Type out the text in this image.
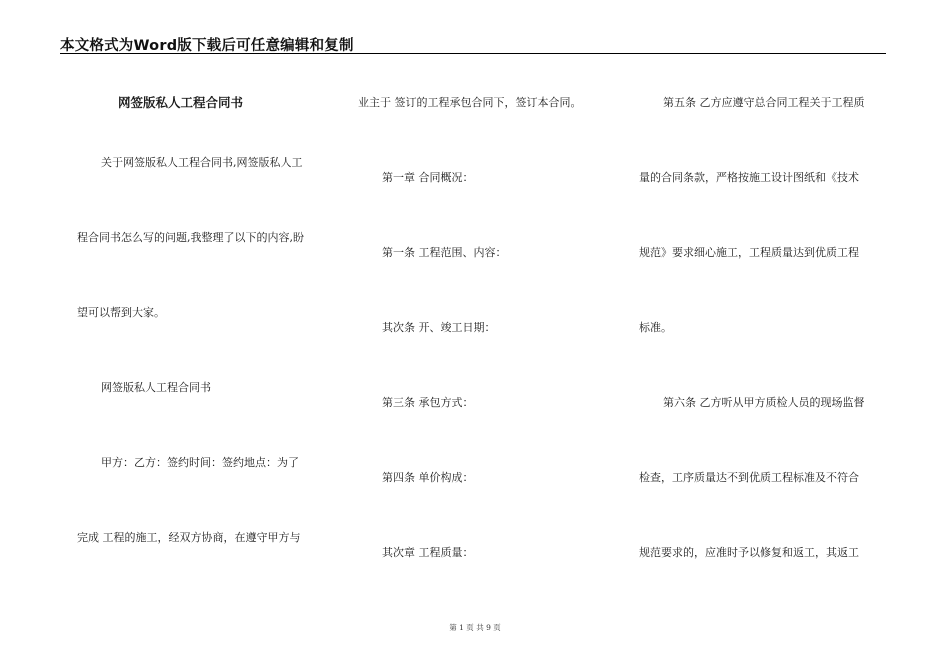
本文格式为Word版下载后可任意编辑和复制
网签版私人工程合同书
关于网签版私人工程合同书,网签版私人工
程合同书怎么写的问题,我整理了以下的内容,盼
望可以帮到大家。
网签版私人工程合同书
甲方：乙方：签约时间：签约地点：为了
完成 工程的施工，经双方协商，在遵守甲方与
业主于 签订的工程承包合同下，签订本合同。
第一章 合同概况：
第一条 工程范围、内容：
其次条 开、竣工日期：
第三条 承包方式：
第四条 单价构成：
其次章 工程质量：
第五条 乙方应遵守总合同工程关于工程质
量的合同条款，严格按施工设计图纸和《技术
规范》要求细心施工，工程质量达到优质工程
标准。
第六条 乙方听从甲方质检人员的现场监督
检查，工序质量达不到优质工程标准及不符合
规范要求的，应准时予以修复和返工，其返工
第 1 页 共 9 页
